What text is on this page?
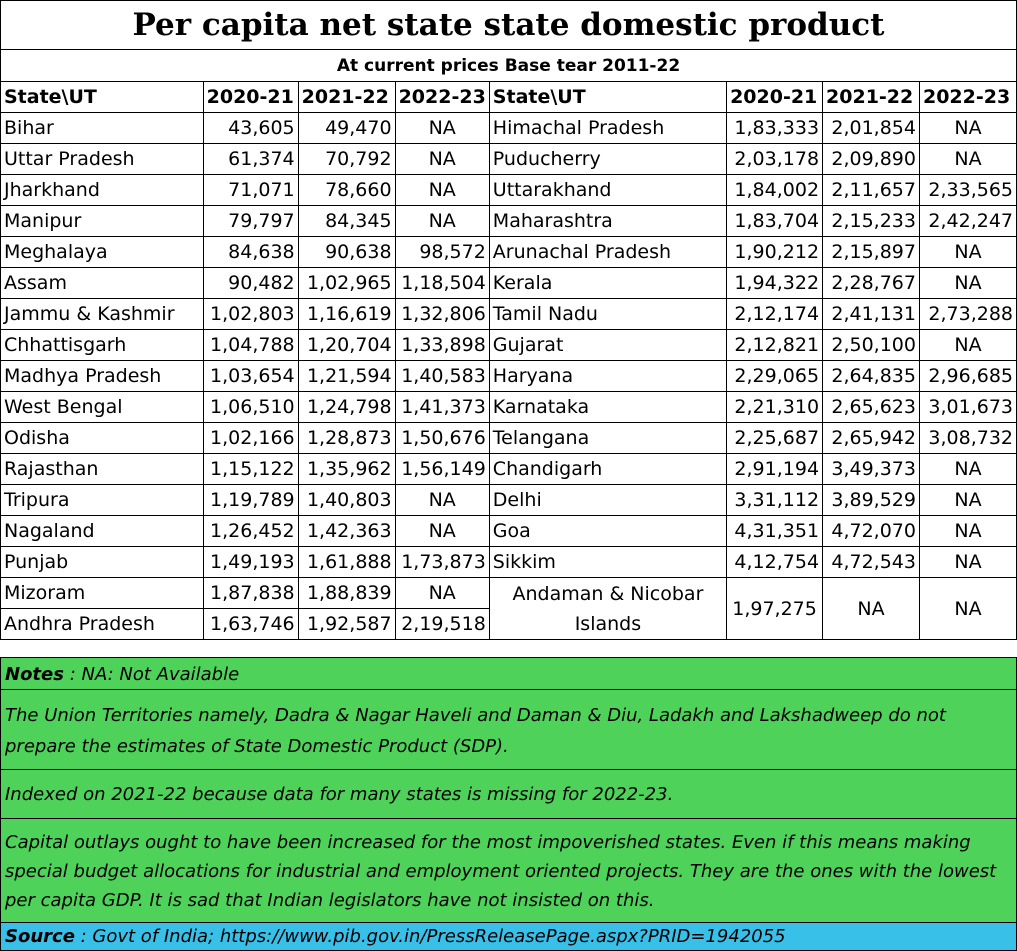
Per capita net state state domestic product
At current prices Base tear 2011-22
State\UT	2020-21	2021-22	2022-23	State\UT	2020-21	2021-22	2022-23
Bihar	43,605	49,470	NA	Himachal Pradesh	1,83,333	2,01,854	NA
Uttar Pradesh	61,374	70,792	NA	Puducherry	2,03,178	2,09,890	NA
Jharkhand	71,071	78,660	NA	Uttarakhand	1,84,002	2,11,657	2,33,565
Manipur	79,797	84,345	NA	Maharashtra	1,83,704	2,15,233	2,42,247
Meghalaya	84,638	90,638	98,572	Arunachal Pradesh	1,90,212	2,15,897	NA
Assam	90,482	1,02,965	1,18,504	Kerala	1,94,322	2,28,767	NA
Jammu & Kashmir	1,02,803	1,16,619	1,32,806	Tamil Nadu	2,12,174	2,41,131	2,73,288
Chhattisgarh	1,04,788	1,20,704	1,33,898	Gujarat	2,12,821	2,50,100	NA
Madhya Pradesh	1,03,654	1,21,594	1,40,583	Haryana	2,29,065	2,64,835	2,96,685
West Bengal	1,06,510	1,24,798	1,41,373	Karnataka	2,21,310	2,65,623	3,01,673
Odisha	1,02,166	1,28,873	1,50,676	Telangana	2,25,687	2,65,942	3,08,732
Rajasthan	1,15,122	1,35,962	1,56,149	Chandigarh	2,91,194	3,49,373	NA
Tripura	1,19,789	1,40,803	NA	Delhi	3,31,112	3,89,529	NA
Nagaland	1,26,452	1,42,363	NA	Goa	4,31,351	4,72,070	NA
Punjab	1,49,193	1,61,888	1,73,873	Sikkim	4,12,754	4,72,543	NA
Mizoram	1,87,838	1,88,839	NA	Andaman & Nicobar Islands	1,97,275	NA	NA
Andhra Pradesh	1,63,746	1,92,587	2,19,518				
Notes : NA: Not Available
The Union Territories namely, Dadra & Nagar Haveli and Daman & Diu, Ladakh and Lakshadweep do not prepare the estimates of State Domestic Product (SDP).
Indexed on 2021-22 because data for many states is missing for 2022-23.
Capital outlays ought to have been increased for the most impoverished states. Even if this means making special budget allocations for industrial and employment oriented projects. They are the ones with the lowest per capita GDP. It is sad that Indian legislators have not insisted on this.
Source : Govt of India; https://www.pib.gov.in/PressReleasePage.aspx?PRID=1942055
